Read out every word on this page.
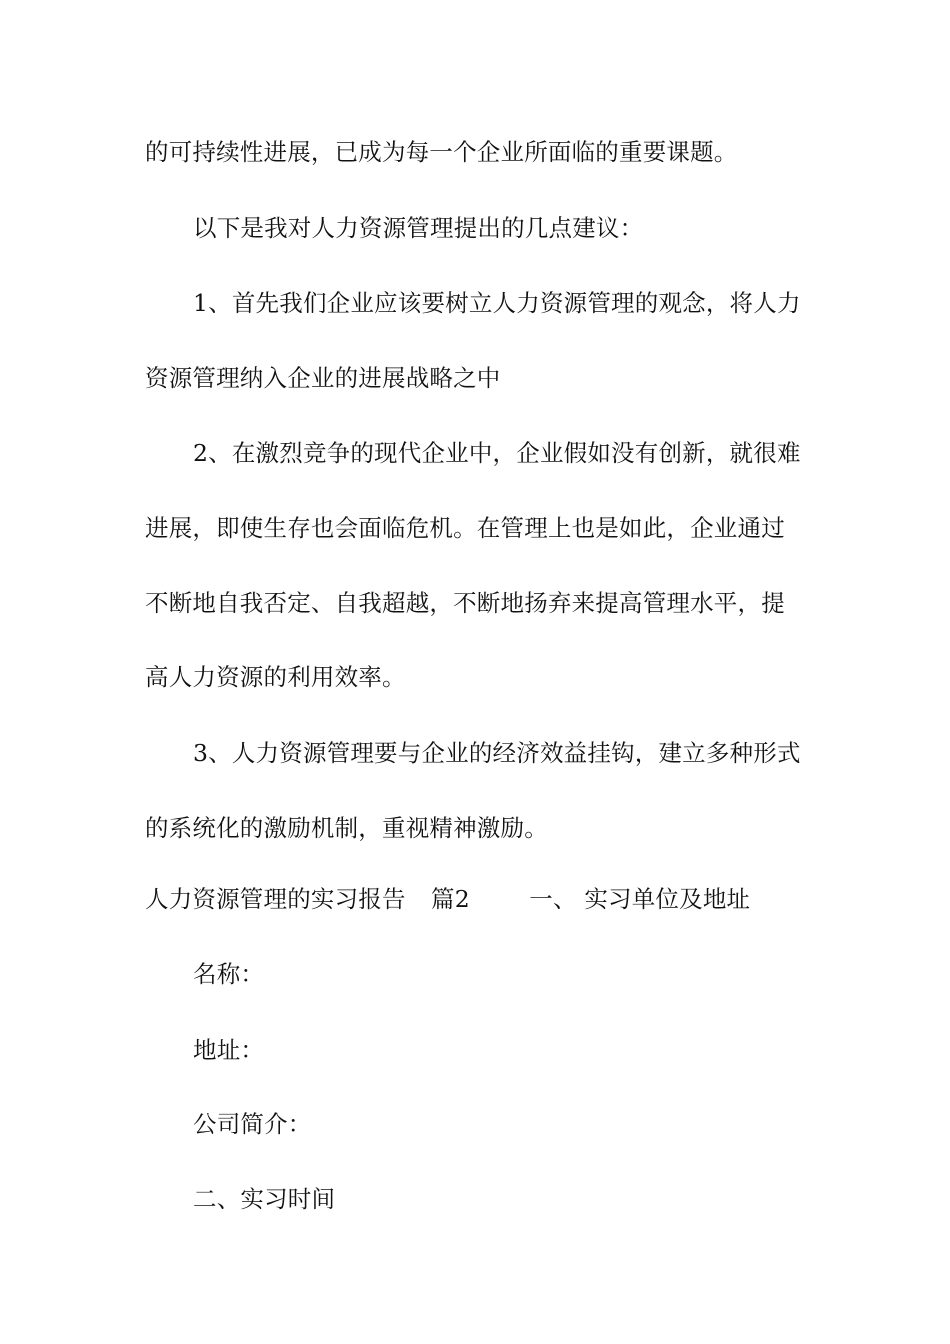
的可持续性进展，已成为每一个企业所面临的重要课题。
以下是我对人力资源管理提出的几点建议：
1、首先我们企业应该要树立人力资源管理的观念，将人力
资源管理纳入企业的进展战略之中
2、在激烈竞争的现代企业中，企业假如没有创新，就很难
进展，即使生存也会面临危机。在管理上也是如此，企业通过
不断地自我否定、自我超越，不断地扬弃来提高管理水平，提
高人力资源的利用效率。
3、人力资源管理要与企业的经济效益挂钩，建立多种形式
的系统化的激励机制，重视精神激励。
人力资源管理的实习报告 篇2	一、 实习单位及地址
名称：
地址：
公司简介：
二、实习时间
